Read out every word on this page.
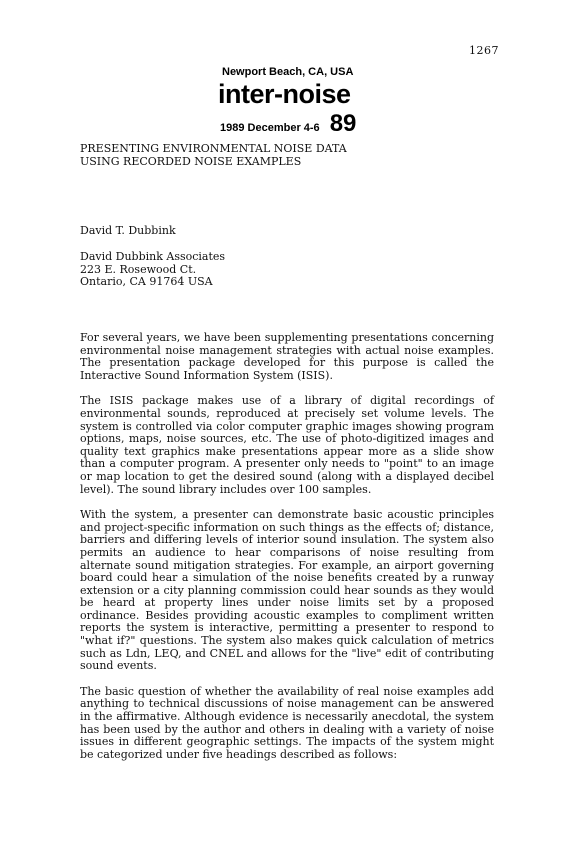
1267
Newport Beach, CA, USA
inter-noise
1989 December 4-6 89
PRESENTING ENVIRONMENTAL NOISE DATA
USING RECORDED NOISE EXAMPLES
David T. Dubbink
David Dubbink Associates
223 E. Rosewood Ct.
Ontario, CA 91764 USA

For several years, we have been supplementing presentations concerning environmental noise management strategies with actual noise examples. The presentation package developed for this purpose is called the Interactive Sound Information System (ISIS).

The ISIS package makes use of a library of digital recordings of environmental sounds, reproduced at precisely set volume levels. The system is controlled via color computer graphic images showing program options, maps, noise sources, etc. The use of photo-digitized images and quality text graphics make presentations appear more as a slide show than a computer program. A presenter only needs to "point" to an image or map location to get the desired sound (along with a displayed decibel level). The sound library includes over 100 samples.

With the system, a presenter can demonstrate basic acoustic principles and project-specific information on such things as the effects of; distance, barriers and differing levels of interior sound insulation. The system also permits an audience to hear comparisons of noise resulting from alternate sound mitigation strategies. For example, an airport governing board could hear a simulation of the noise benefits created by a runway extension or a city planning commission could hear sounds as they would be heard at property lines under noise limits set by a proposed ordinance. Besides providing acoustic examples to compliment written reports the system is interactive, permitting a presenter to respond to "what if?" questions. The system also makes quick calculation of metrics such as Ldn, LEQ, and CNEL and allows for the "live" edit of contributing sound events.

The basic question of whether the availability of real noise examples add anything to technical discussions of noise management can be answered in the affirmative. Although evidence is necessarily anecdotal, the system has been used by the author and others in dealing with a variety of noise issues in different geographic settings. The impacts of the system might be categorized under five headings described as follows:
